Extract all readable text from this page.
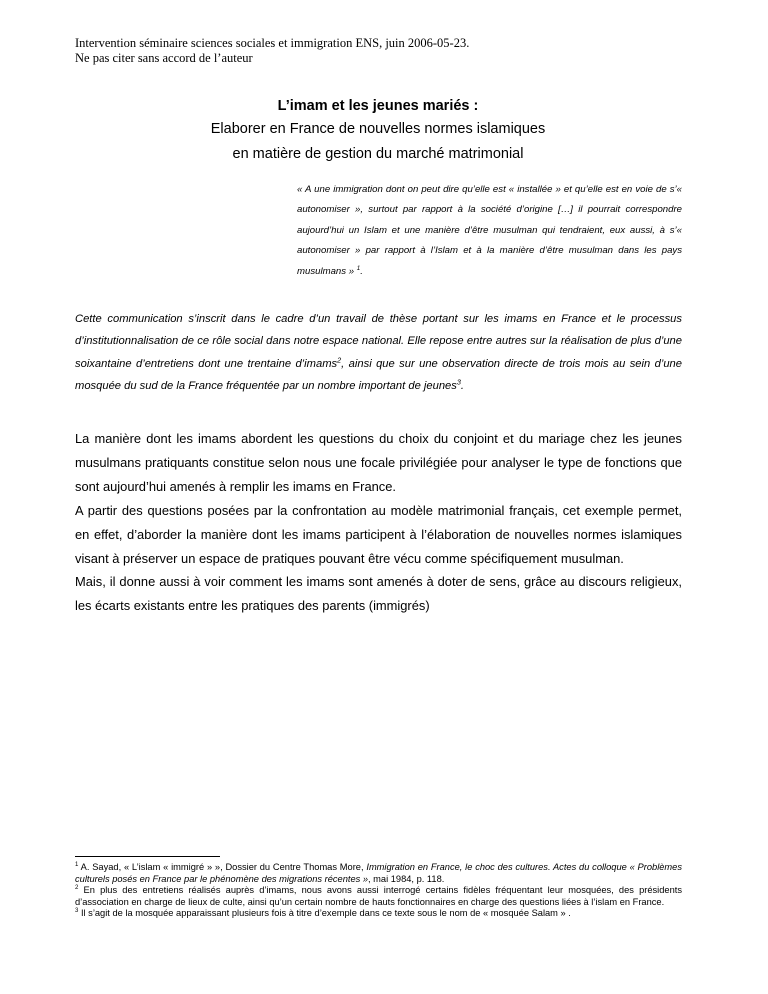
Intervention séminaire sciences sociales et immigration ENS, juin 2006-05-23.
Ne pas citer sans accord de l’auteur
L’imam et les jeunes mariés :
Elaborer en France de nouvelles normes islamiques
en matière de gestion du marché matrimonial
« A une immigration dont on peut dire qu’elle est « installée » et qu’elle est en voie de s’« autonomiser », surtout par rapport à la société d’origine […] il pourrait correspondre aujourd’hui un Islam et une manière d’être musulman qui tendraient, eux aussi, à s’« autonomiser » par rapport à l’Islam et à la manière d’être musulman dans les pays musulmans » $^1$.
Cette communication s’inscrit dans le cadre d’un travail de thèse portant sur les imams en France et le processus d’institutionnalisation de ce rôle social dans notre espace national. Elle repose entre autres sur la réalisation de plus d’une soixantaine d’entretiens dont une trentaine d’imams$^2$, ainsi que sur une observation directe de trois mois au sein d’une mosquée du sud de la France fréquentée par un nombre important de jeunes$^3$.

La manière dont les imams abordent les questions du choix du conjoint et du mariage chez les jeunes musulmans pratiquants constitue selon nous une focale privilégiée pour analyser le type de fonctions que sont aujourd’hui amenés à remplir les imams en France.

A partir des questions posées par la confrontation au modèle matrimonial français, cet exemple permet, en effet, d’aborder la manière dont les imams participent à l’élaboration de nouvelles normes islamiques visant à préserver un espace de pratiques pouvant être vécu comme spécifiquement musulman.

Mais, il donne aussi à voir comment les imams sont amenés à doter de sens, grâce au discours religieux, les écarts existants entre les pratiques des parents (immigrés)

$^1$ A. Sayad, « L’islam « immigré » », Dossier du Centre Thomas More, Immigration en France, le choc des cultures. Actes du colloque « Problèmes culturels posés en France par le phénomène des migrations récentes », mai 1984, p. 118.

$^2$ En plus des entretiens réalisés auprès d’imams, nous avons aussi interrogé certains fidèles fréquentant leur mosquées, des présidents d’association en charge de lieux de culte, ainsi qu’un certain nombre de hauts fonctionnaires en charge des questions liées à l’islam en France.

$^3$ Il s’agit de la mosquée apparaissant plusieurs fois à titre d’exemple dans ce texte sous le nom de « mosquée Salam » .
